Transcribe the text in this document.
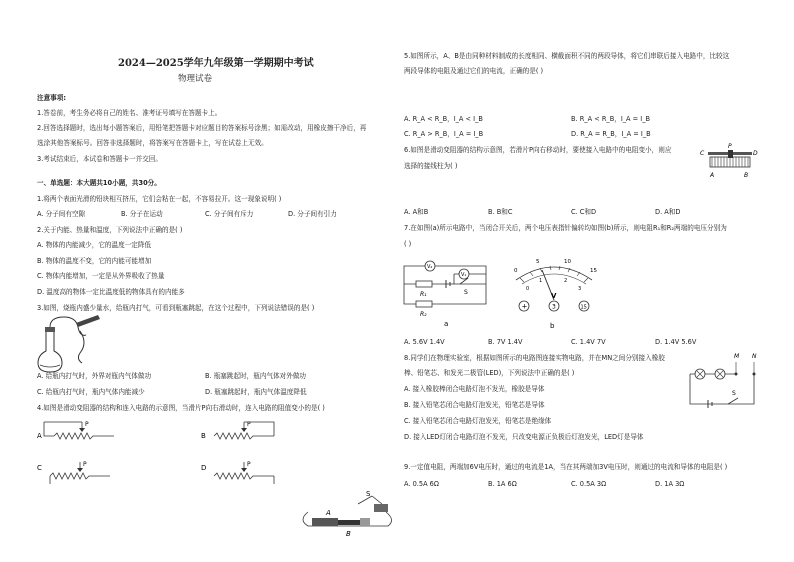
2024—2025学年九年级第一学期期中考试
物理试卷
注意事项:
1.答卷前，考生务必将自己的姓名、准考证号填写在答题卡上。
2.回答选择题时，选出每小题答案后，用铅笔把答题卡对应题目的答案标号涂黑；如需改动，用橡皮擦干净后，再
选涂其他答案标号。回答非选择题时，将答案写在答题卡上，写在试卷上无效。
3.考试结束后，本试卷和答题卡一并交回。
一、单选题：本大题共10小题，共30分。
1.将两个表面光滑的铅块相互挤压，它们会粘在一起，不容易拉开。这一现象说明( )
A. 分子间有空隙	B. 分子在运动	C. 分子间有斥力	D. 分子间有引力
2.关于内能、热量和温度，下列说法中正确的是( )
A. 物体的内能减少，它的温度一定降低
B. 物体的温度不变，它的内能可能增加
C. 物体内能增加，一定是从外界吸收了热量
D. 温度高的物体一定比温度低的物体具有的内能多
3.如图，烧瓶内盛少量水，给瓶内打气，可看到瓶塞跳起，在这个过程中，下列说法错误的是( )
A. 给瓶内打气时，外界对瓶内气体做功	B. 瓶塞跳起时，瓶内气体对外做功
C. 给瓶内打气时，瓶内气体内能减少	D. 瓶塞跳起时，瓶内气体温度降低
4.如图是滑动变阻器的结构和连入电路的示意图，当滑片P向右滑动时，连入电路的阻值变小的是( )
A
P
B
P
C	P	D	P
A
B
S
5.如图所示，A、B是由同种材料制成的长度相同、横截面积不同的两段导体，将它们串联后接入电路中，比较这
两段导体的电阻及通过它们的电流，正确的是( )
A. R_A < R_B，I_A < I_B	B. R_A < R_B，I_A = I_B
C. R_A > R_B，I_A = I_B	D. R_A = R_B，I_A = I_B
6.如图是滑动变阻器的结构示意图，若滑片P向右移动时，要使接入电路中的电阻变小，则应
选择的接线柱为( )
C
P
D
A	B
A. A和B	B. B和C	C. C和D	D. A和D
7.在如图(a)所示电路中，当闭合开关后，两个电压表指针偏转均如图(b)所示，则电阻R₁和R₂两端的电压分别为
( )
V₂
V₁
R₁	S
R₂
a
0
5	10
15
0
1	2
3
V
+	3	15
b
A. 5.6V 1.4V	B. 7V 1.4V	C. 1.4V 7V	D. 1.4V 5.6V
8.同学们在物理实验室，根据如图所示的电路图连接实物电路，并在MN之间分别接入橡胶
棒、铅笔芯、和发光二极管(LED)，下列说法中正确的是( )
M N
S
A. 接入橡胶棒闭合电路灯泡不发光，橡胶是导体
B. 接入铅笔芯闭合电路灯泡发光，铅笔芯是导体
C. 接入铅笔芯闭合电路灯泡发光，铅笔芯是绝缘体
D. 接入LED灯闭合电路灯泡不发光，只改变电源正负极后灯泡发光，LED灯是导体
9.一定值电阻，两端加6V电压时，通过的电流是1A，当在其两端加3V电压时，则通过的电流和导体的电阻是( )
A. 0.5A 6Ω	B. 1A 6Ω	C. 0.5A 3Ω	D. 1A 3Ω
